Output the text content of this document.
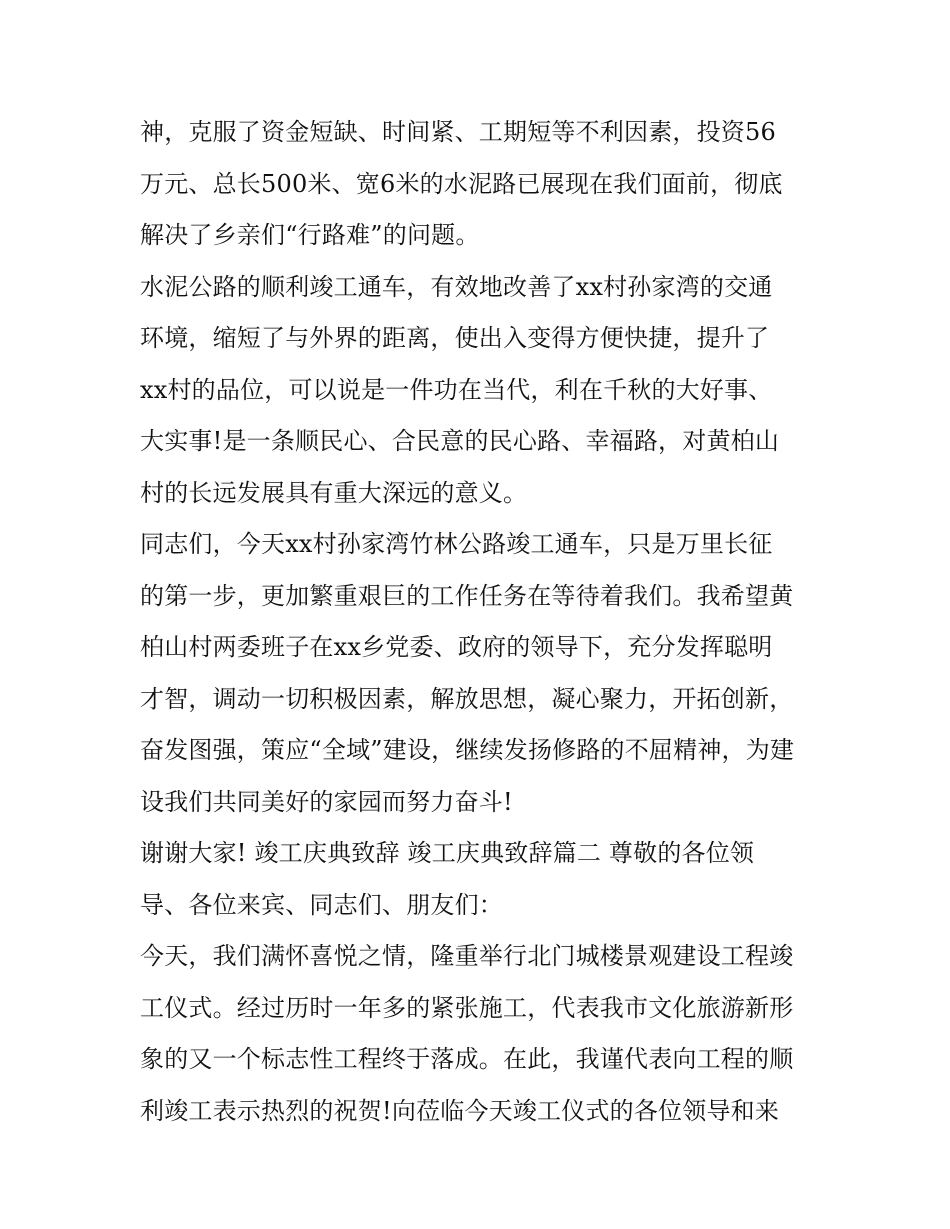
神，克服了资金短缺、时间紧、工期短等不利因素，投资56
万元、总长500米、宽6米的水泥路已展现在我们面前，彻底
解决了乡亲们“行路难”的问题。
水泥公路的顺利竣工通车，有效地改善了xx村孙家湾的交通
环境，缩短了与外界的距离，使出入变得方便快捷，提升了
xx村的品位，可以说是一件功在当代，利在千秋的大好事、
大实事!是一条顺民心、合民意的民心路、幸福路，对黄柏山
村的长远发展具有重大深远的意义。
同志们，今天xx村孙家湾竹林公路竣工通车，只是万里长征
的第一步，更加繁重艰巨的工作任务在等待着我们。我希望黄
柏山村两委班子在xx乡党委、政府的领导下，充分发挥聪明
才智，调动一切积极因素，解放思想，凝心聚力，开拓创新，
奋发图强，策应“全域”建设，继续发扬修路的不屈精神，为建
设我们共同美好的家园而努力奋斗!
谢谢大家! 竣工庆典致辞 竣工庆典致辞篇二 尊敬的各位领
导、各位来宾、同志们、朋友们：
今天，我们满怀喜悦之情，隆重举行北门城楼景观建设工程竣
工仪式。经过历时一年多的紧张施工，代表我市文化旅游新形
象的又一个标志性工程终于落成。在此，我谨代表向工程的顺
利竣工表示热烈的祝贺!向莅临今天竣工仪式的各位领导和来
